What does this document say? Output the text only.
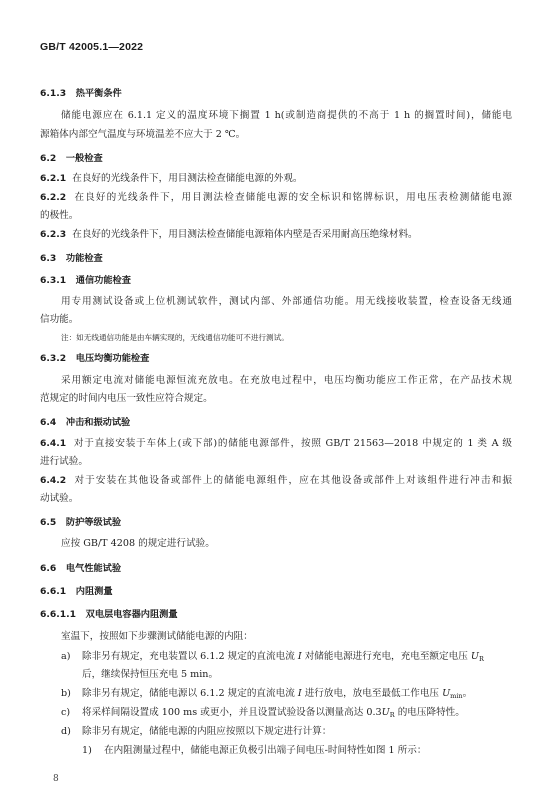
GB/T 42005.1—2022
6.1.3 热平衡条件
储能电源应在 6.1.1 定义的温度环境下搁置 1 h(或制造商提供的不高于 1 h 的搁置时间)，储能电
源箱体内部空气温度与环境温差不应大于 2 ℃。
6.2 一般检查
6.2.1 在良好的光线条件下，用目测法检查储能电源的外观。
6.2.2 在良好的光线条件下，用目测法检查储能电源的安全标识和铭牌标识，用电压表检测储能电源
的极性。
6.2.3 在良好的光线条件下，用目测法检查储能电源箱体内壁是否采用耐高压绝缘材料。
6.3 功能检查
6.3.1 通信功能检查
用专用测试设备或上位机测试软件，测试内部、外部通信功能。用无线接收装置，检查设备无线通
信功能。
注：如无线通信功能是由车辆实现的，无线通信功能可不进行测试。
6.3.2 电压均衡功能检查
采用额定电流对储能电源恒流充放电。在充放电过程中，电压均衡功能应工作正常，在产品技术规
范规定的时间内电压一致性应符合规定。
6.4 冲击和振动试验
6.4.1 对于直接安装于车体上(或下部)的储能电源部件，按照 GB/T 21563—2018 中规定的 1 类 A 级
进行试验。
6.4.2 对于安装在其他设备或部件上的储能电源组件，应在其他设备或部件上对该组件进行冲击和振
动试验。
6.5 防护等级试验
应按 GB/T 4208 的规定进行试验。
6.6 电气性能试验
6.6.1 内阻测量
6.6.1.1 双电层电容器内阻测量
室温下，按照如下步骤测试储能电源的内阻：
a) 除非另有规定，充电装置以 6.1.2 规定的直流电流 I 对储能电源进行充电，充电至额定电压 $U_R$
后，继续保持恒压充电 5 min。
b) 除非另有规定，储能电源以 6.1.2 规定的直流电流 I 进行放电，放电至最低工作电压 $U_{min}$。
c) 将采样间隔设置成 100 ms 或更小，并且设置试验设备以测量高达 $0.3U_R$ 的电压降特性。
d) 除非另有规定，储能电源的内阻应按照以下规定进行计算：
1) 在内阻测量过程中，储能电源正负极引出端子间电压-时间特性如图 1 所示：
8
